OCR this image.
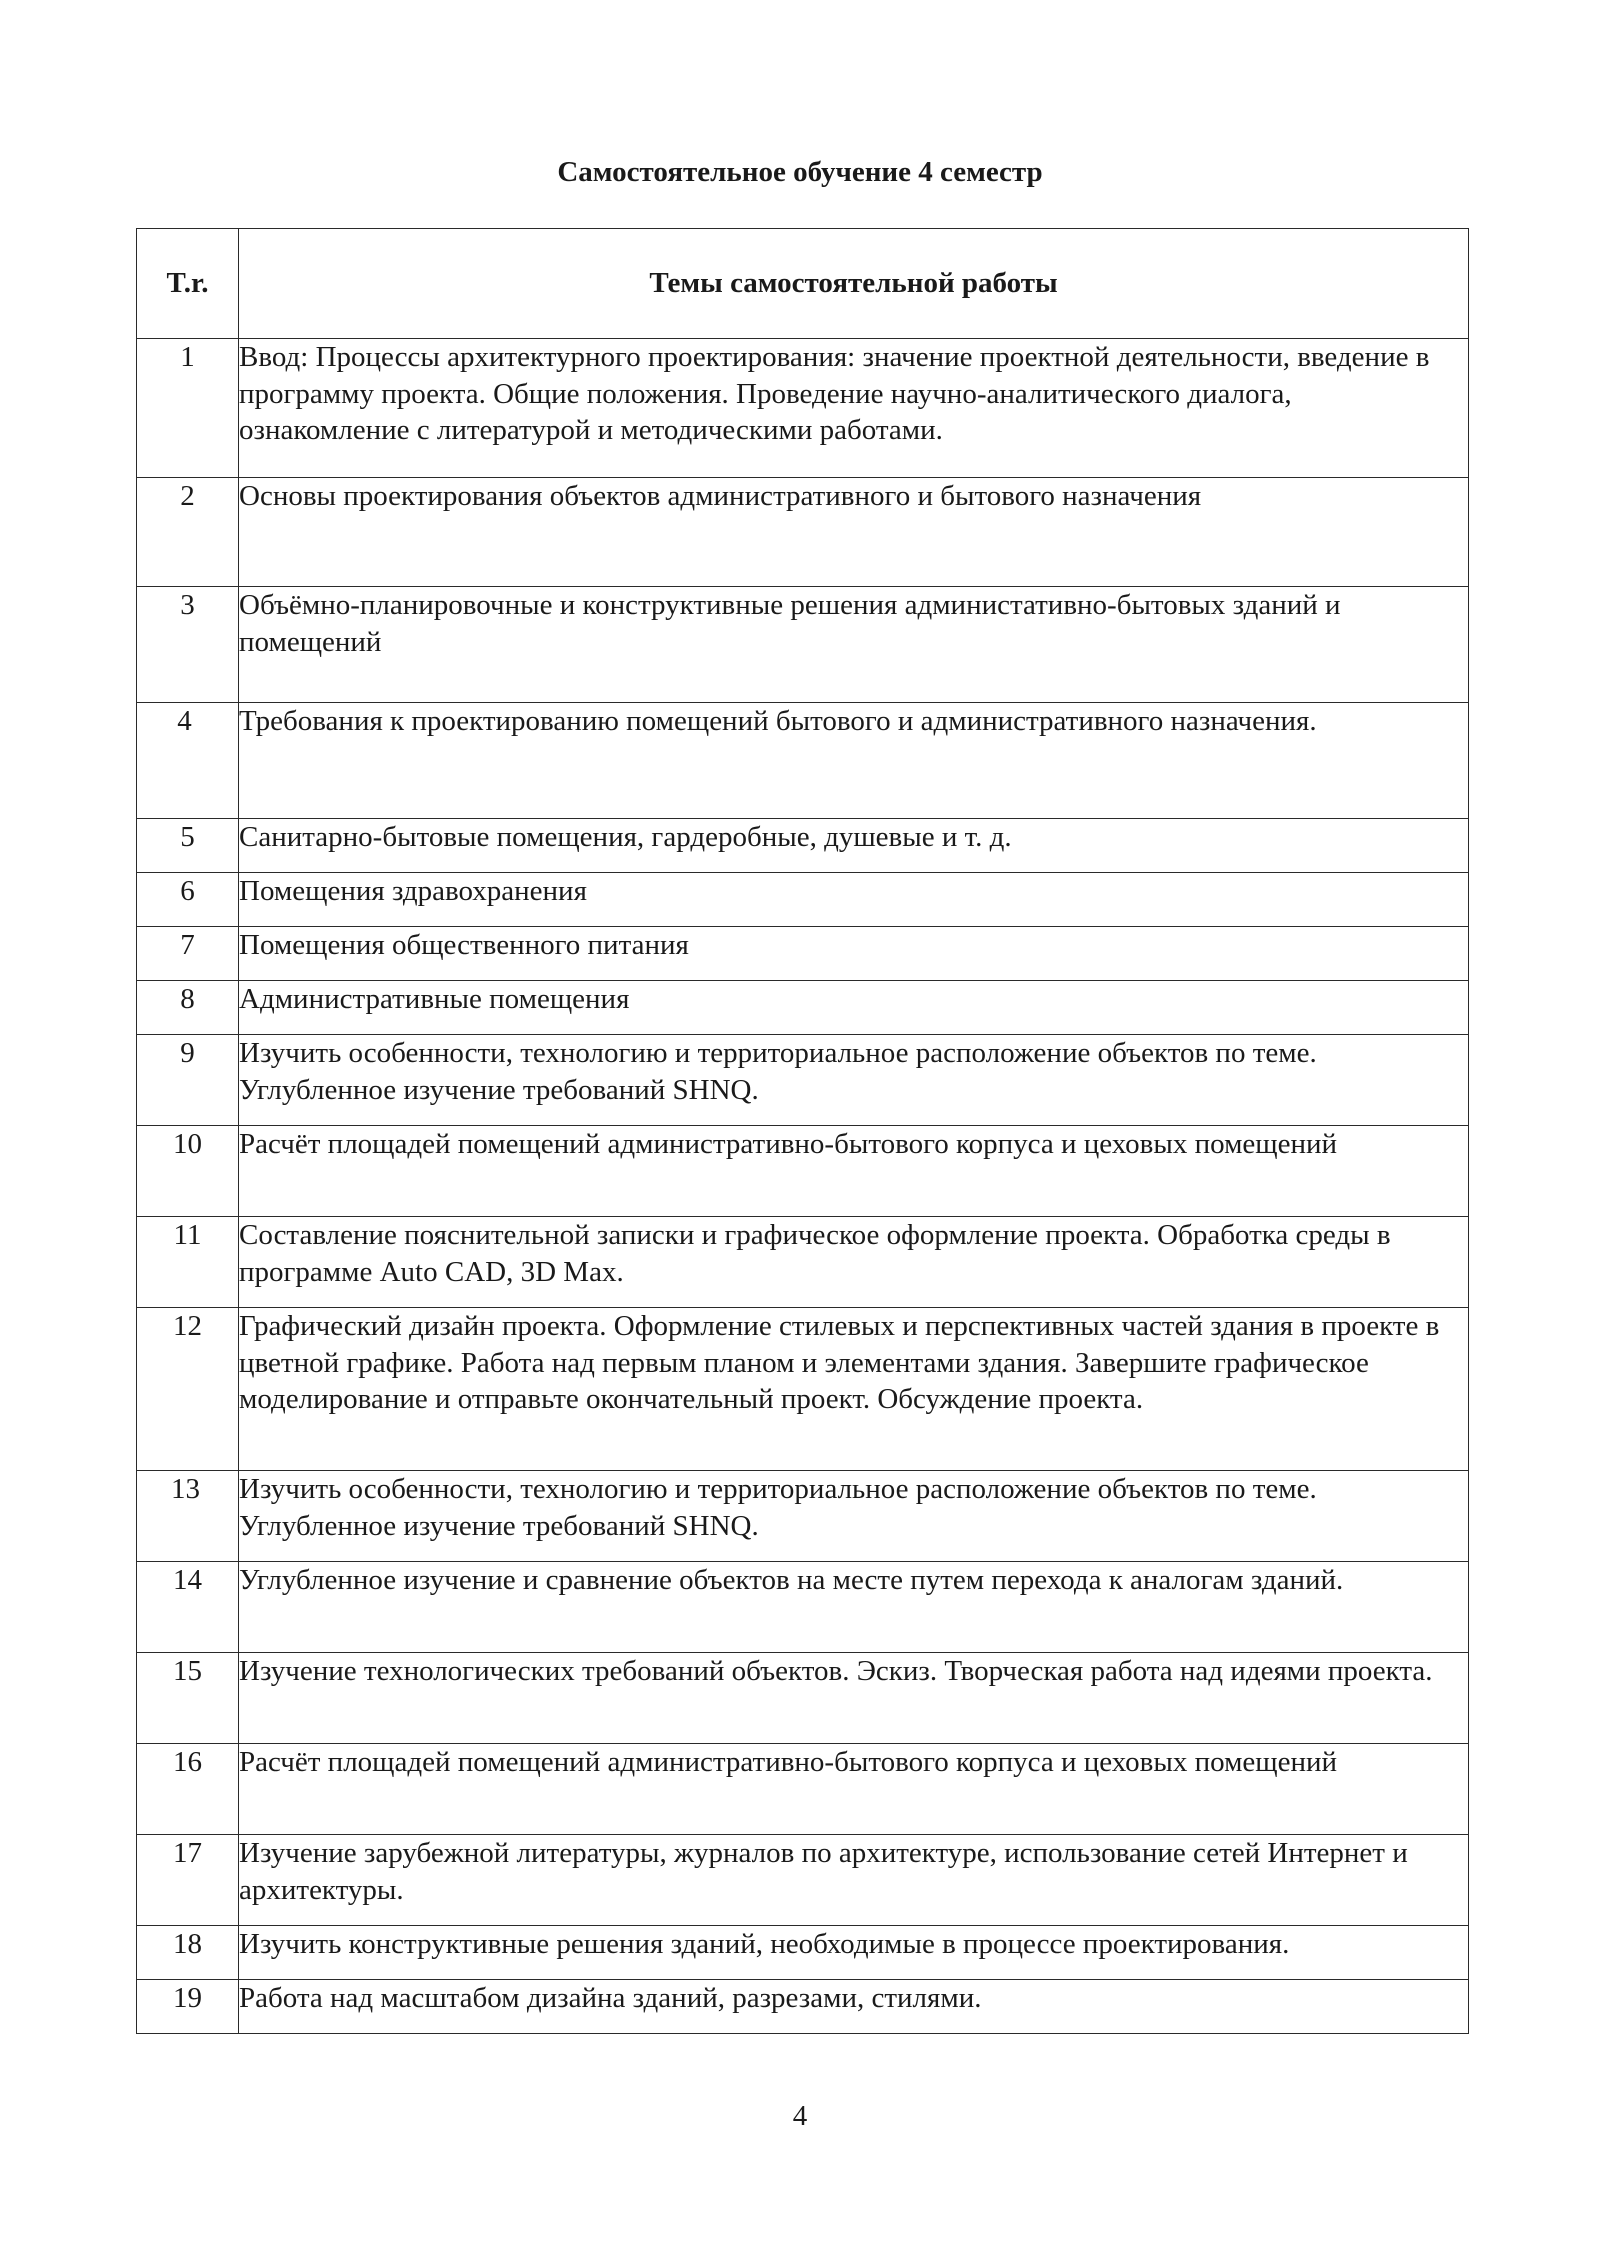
Самостоятельное обучение 4 семестр
T.r.	Темы самостоятельной работы
1	Ввод: Процессы архитектурного проектирования: значение проектной деятельности, введение в программу проекта. Общие положения. Проведение научно-аналитического диалога, ознакомление с литературой и методическими работами.
2	Основы проектирования объектов административного и бытового назначения
3	Объёмно-планировочные и конструктивные решения администативно-бытовых зданий и помещений
4	Требования к проектированию помещений бытового и административного назначения.
5	Санитарно-бытовые помещения, гардеробные, душевые и т. д.
6	Помещения здравохранения
7	Помещения общественного питания
8	Административные помещения
9	Изучить особенности, технологию и территориальное расположение объектов по теме. Углубленное изучение требований SHNQ.
10	Расчёт площадей помещений административно-бытового корпуса и цеховых помещений
11	Составление пояснительной записки и графическое оформление проекта. Обработка среды в программе Auto CAD, 3D Max.
12	Графический дизайн проекта. Оформление стилевых и перспективных частей здания в проекте в цветной графике. Работа над первым планом и элементами здания. Завершите графическое моделирование и отправьте окончательный проект. Обсуждение проекта.
13	Изучить особенности, технологию и территориальное расположение объектов по теме. Углубленное изучение требований SHNQ.
14	Углубленное изучение и сравнение объектов на месте путем перехода к аналогам зданий.
15	Изучение технологических требований объектов. Эскиз. Творческая работа над идеями проекта.
16	Расчёт площадей помещений административно-бытового корпуса и цеховых помещений
17	Изучение зарубежной литературы, журналов по архитектуре, использование сетей Интернет и архитектуры.
18	Изучить конструктивные решения зданий, необходимые в процессе проектирования.
19	Работа над масштабом дизайна зданий, разрезами, стилями.
4
